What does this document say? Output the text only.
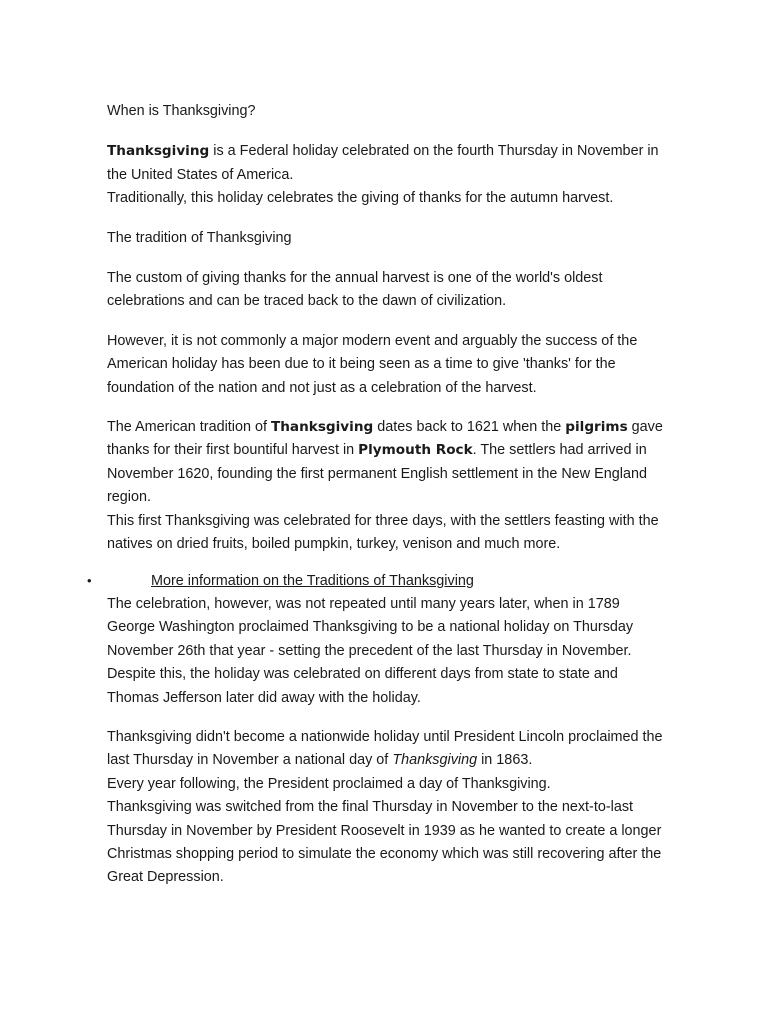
When is Thanksgiving?

Thanksgiving is a Federal holiday celebrated on the fourth Thursday in November in the United States of America.
Traditionally, this holiday celebrates the giving of thanks for the autumn harvest.

The tradition of Thanksgiving

The custom of giving thanks for the annual harvest is one of the world's oldest celebrations and can be traced back to the dawn of civilization.

However, it is not commonly a major modern event and arguably the success of the American holiday has been due to it being seen as a time to give 'thanks' for the foundation of the nation and not just as a celebration of the harvest.

The American tradition of Thanksgiving dates back to 1621 when the pilgrims gave thanks for their first bountiful harvest in Plymouth Rock. The settlers had arrived in November 1620, founding the first permanent English settlement in the New England region.
This first Thanksgiving was celebrated for three days, with the settlers feasting with the natives on dried fruits, boiled pumpkin, turkey, venison and much more.

•	More information on the Traditions of Thanksgiving

The celebration, however, was not repeated until many years later, when in 1789 George Washington proclaimed Thanksgiving to be a national holiday on Thursday November 26th that year - setting the precedent of the last Thursday in November. Despite this, the holiday was celebrated on different days from state to state and Thomas Jefferson later did away with the holiday.

Thanksgiving didn't become a nationwide holiday until President Lincoln proclaimed the last Thursday in November a national day of Thanksgiving in 1863.
Every year following, the President proclaimed a day of Thanksgiving.
Thanksgiving was switched from the final Thursday in November to the next-to-last Thursday in November by President Roosevelt in 1939 as he wanted to create a longer Christmas shopping period to simulate the economy which was still recovering after the Great Depression.
